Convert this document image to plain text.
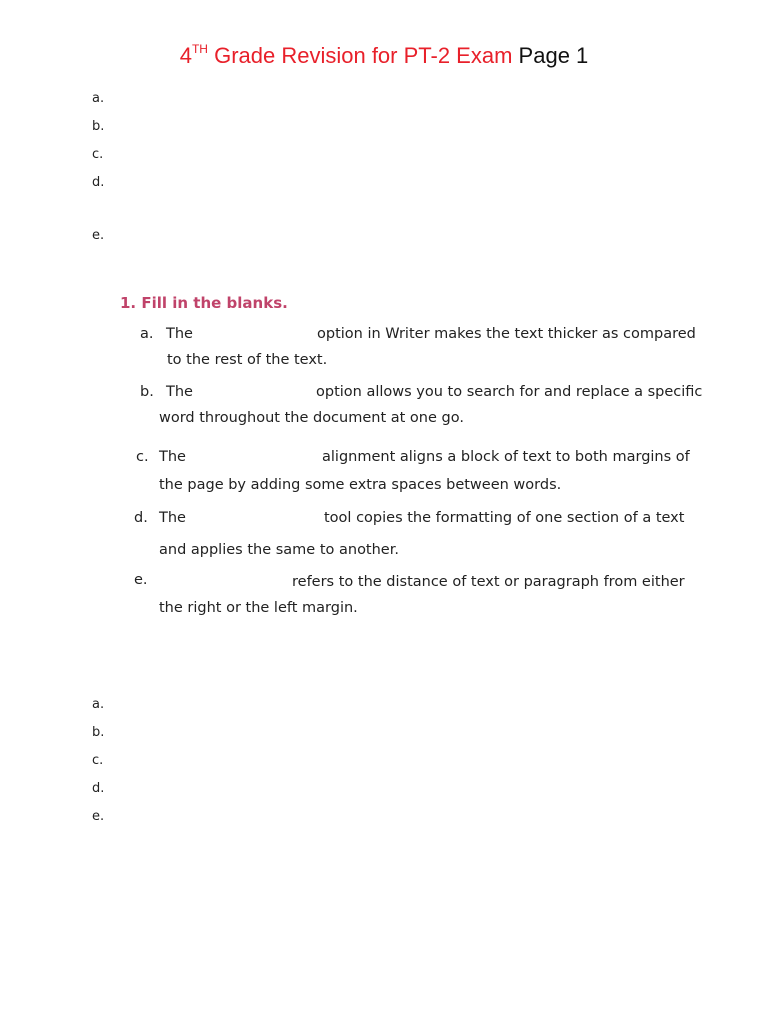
4TH Grade Revision for PT-2 Exam Page 1
a.
b.
c.
d.
e.
1. Fill in the blanks.
a. The	option in Writer makes the text thicker as compared
to the rest of the text.
b. The	option allows you to search for and replace a specific
word throughout the document at one go.
c. The	alignment aligns a block of text to both margins of
the page by adding some extra spaces between words.
d. The	tool copies the formatting of one section of a text
and applies the same to another.
e.	refers to the distance of text or paragraph from either
the right or the left margin.
a.
b.
c.
d.
e.
